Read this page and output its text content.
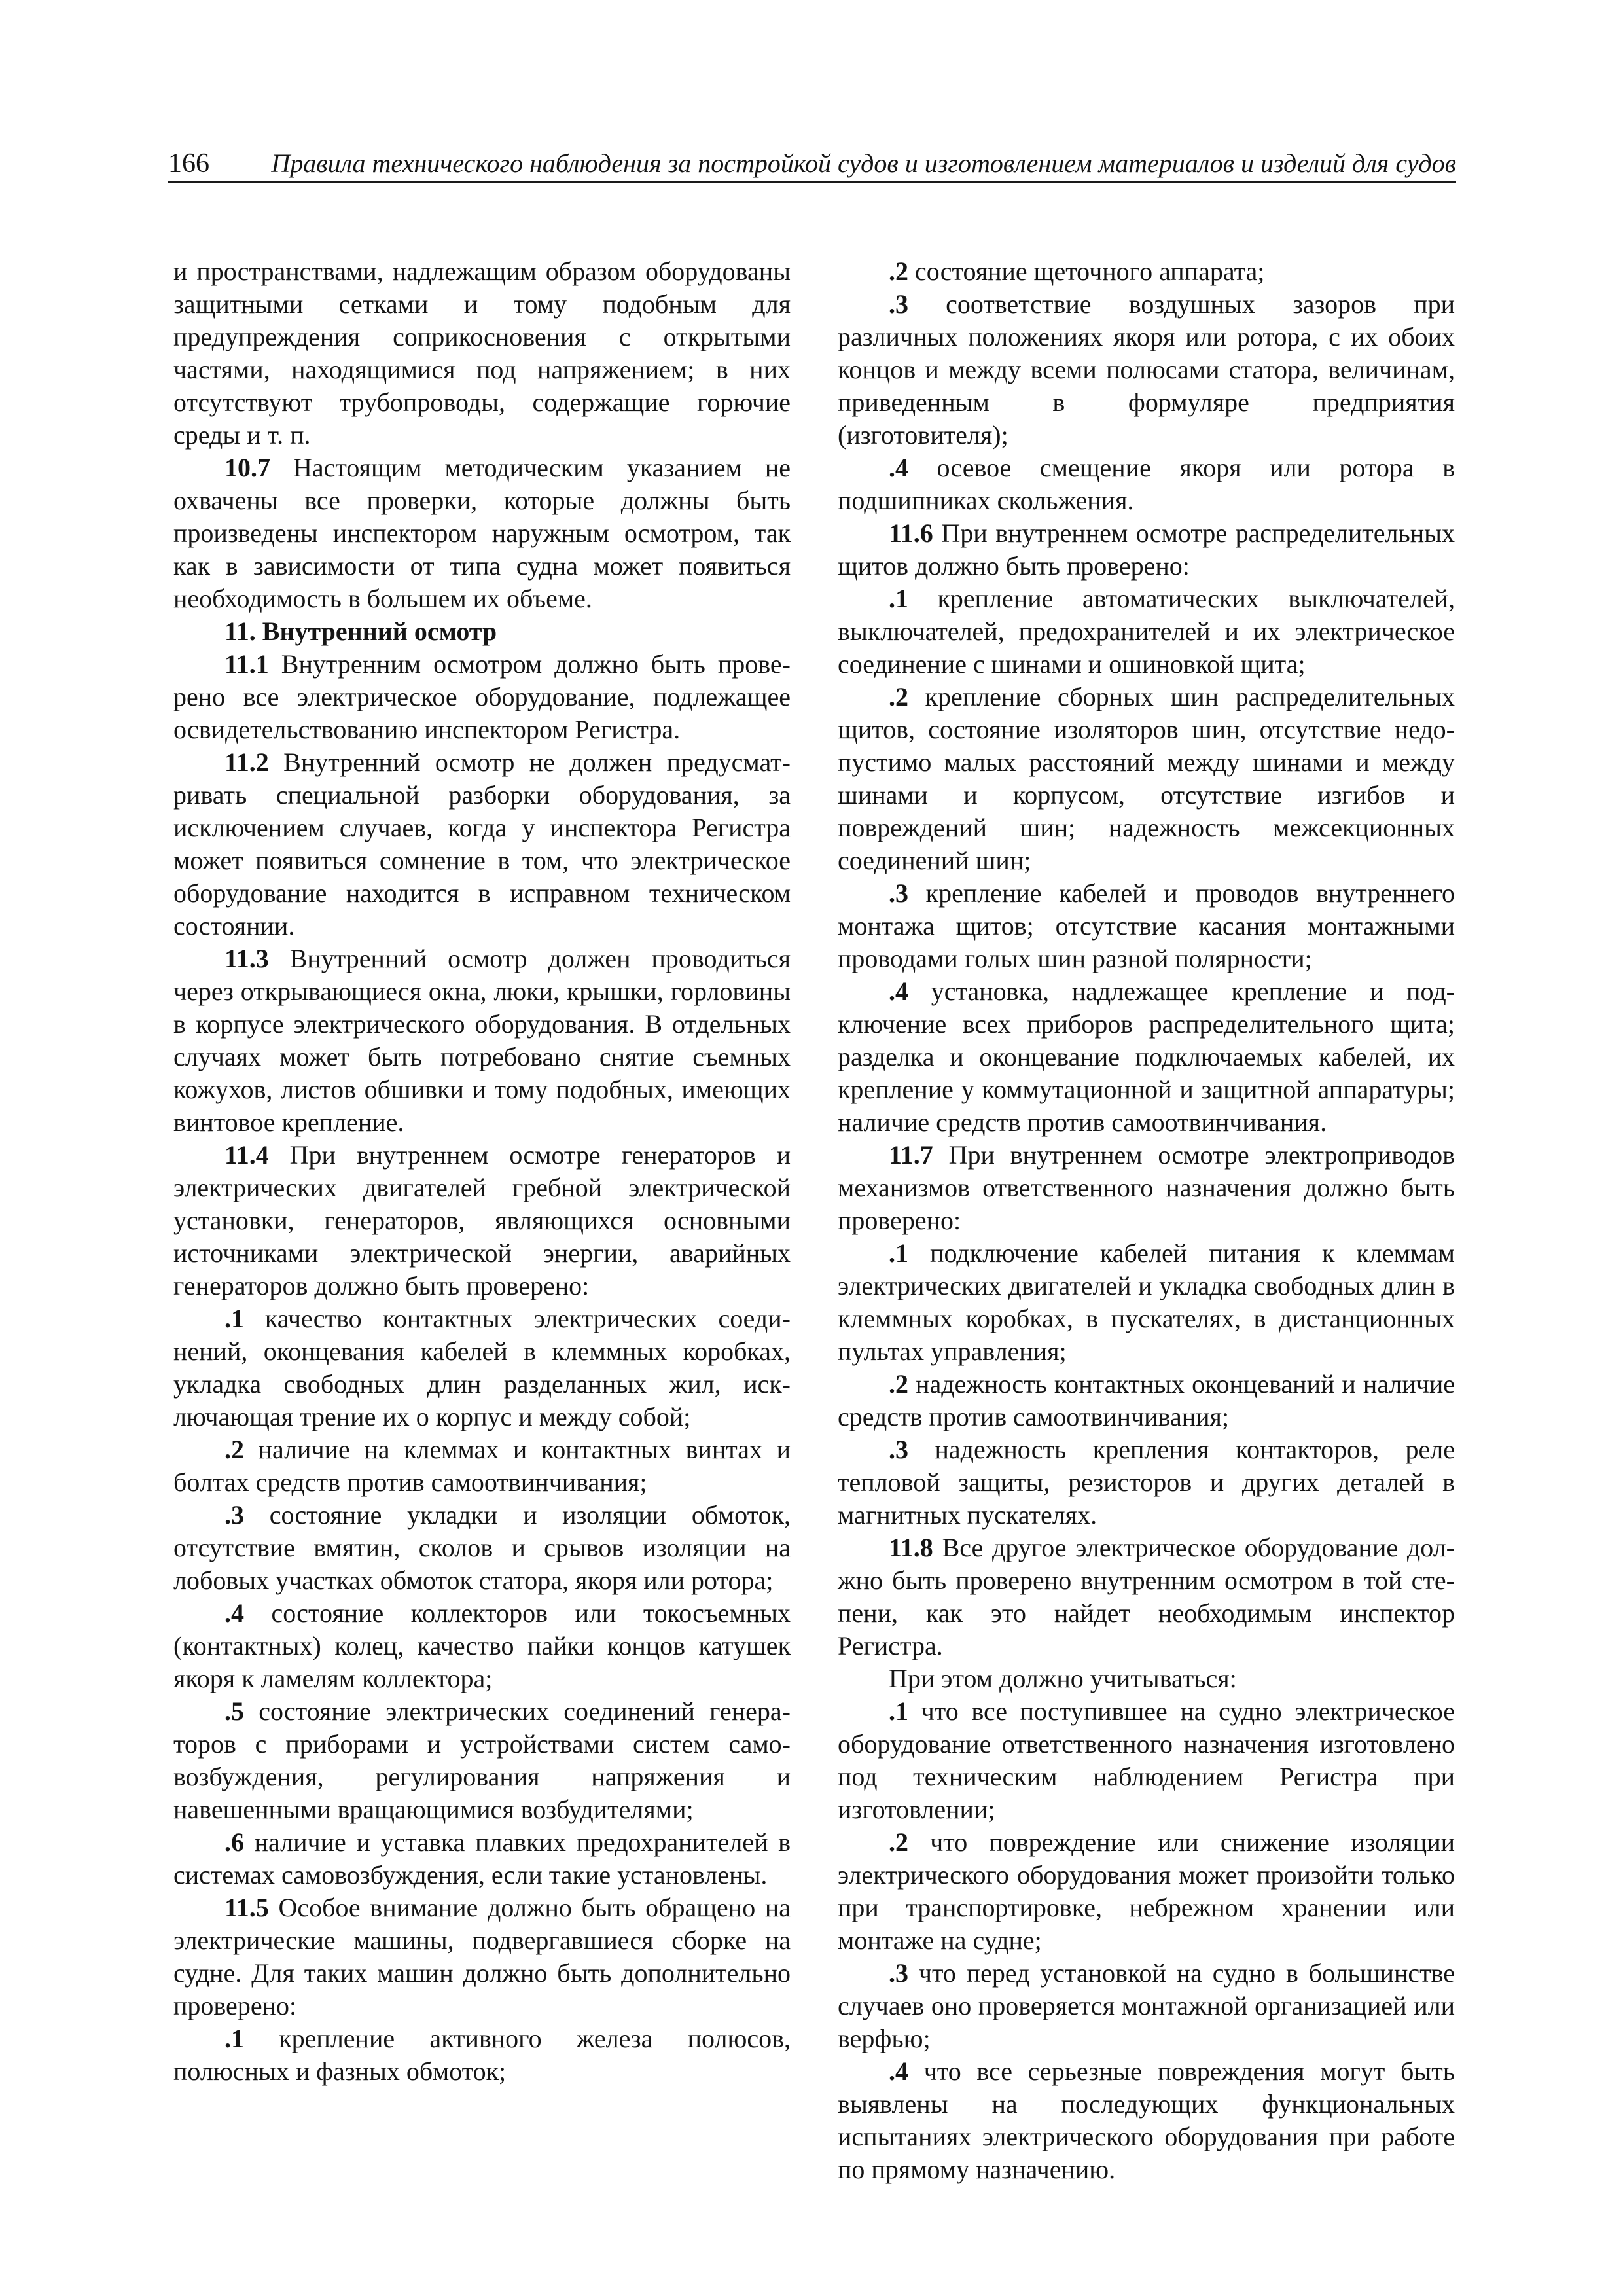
166 Правила технического наблюдения за постройкой судов и изготовлением материалов и изделий для судов

и пространствами, надлежащим образом оборудованы защитными сетками и тому подобным для предупреждения соприкосновения с открытыми частями, находящимися под напряжением; в них отсутствуют трубопроводы, содержащие горючие среды и т. п.

10.7 Настоящим методическим указанием не охвачены все проверки, которые должны быть произведены инспектором наружным осмотром, так как в зависимости от типа судна может появиться необходимость в большем их объеме.

11. Внутренний осмотр

11.1 Внутренним осмотром должно быть проверено все электрическое оборудование, подлежащее освидетельствованию инспектором Регистра.

11.2 Внутренний осмотр не должен предусматривать специальной разборки оборудования, за исключением случаев, когда у инспектора Регистра может появиться сомнение в том, что электрическое оборудование находится в исправном техническом состоянии.

11.3 Внутренний осмотр должен проводиться через открывающиеся окна, люки, крышки, горловины в корпусе электрического оборудования. В отдельных случаях может быть потребовано снятие съемных кожухов, листов обшивки и тому подобных, имеющих винтовое крепление.

11.4 При внутреннем осмотре генераторов и электрических двигателей гребной электрической установки, генераторов, являющихся основными источниками электрической энергии, аварийных генераторов должно быть проверено:

.1 качество контактных электрических соединений, оконцевания кабелей в клеммных коробках, укладка свободных длин разделанных жил, исключающая трение их о корпус и между собой;

.2 наличие на клеммах и контактных винтах и болтах средств против самоотвинчивания;

.3 состояние укладки и изоляции обмоток, отсутствие вмятин, сколов и срывов изоляции на лобовых участках обмоток статора, якоря или ротора;

.4 состояние коллекторов или токосъемных (контактных) колец, качество пайки концов катушек якоря к ламелям коллектора;

.5 состояние электрических соединений генераторов с приборами и устройствами систем самовозбуждения, регулирования напряжения и навешенными вращающимися возбудителями;

.6 наличие и уставка плавких предохранителей в системах самовозбуждения, если такие установлены.

11.5 Особое внимание должно быть обращено на электрические машины, подвергавшиеся сборке на судне. Для таких машин должно быть дополнительно проверено:

.1 крепление активного железа полюсов, полюсных и фазных обмоток;

.2 состояние щеточного аппарата;

.3 соответствие воздушных зазоров при различных положениях якоря или ротора, с их обоих концов и между всеми полюсами статора, величинам, приведенным в формуляре предприятия (изготовителя);

.4 осевое смещение якоря или ротора в подшипниках скольжения.

11.6 При внутреннем осмотре распределительных щитов должно быть проверено:

.1 крепление автоматических выключателей, выключателей, предохранителей и их электрическое соединение с шинами и ошиновкой щита;

.2 крепление сборных шин распределительных щитов, состояние изоляторов шин, отсутствие недопустимо малых расстояний между шинами и между шинами и корпусом, отсутствие изгибов и повреждений шин; надежность межсекционных соединений шин;

.3 крепление кабелей и проводов внутреннего монтажа щитов; отсутствие касания монтажными проводами голых шин разной полярности;

.4 установка, надлежащее крепление и подключение всех приборов распределительного щита; разделка и оконцевание подключаемых кабелей, их крепление у коммутационной и защитной аппаратуры; наличие средств против самоотвинчивания.

11.7 При внутреннем осмотре электроприводов механизмов ответственного назначения должно быть проверено:

.1 подключение кабелей питания к клеммам электрических двигателей и укладка свободных длин в клеммных коробках, в пускателях, в дистанционных пультах управления;

.2 надежность контактных оконцеваний и наличие средств против самоотвинчивания;

.3 надежность крепления контакторов, реле тепловой защиты, резисторов и других деталей в магнитных пускателях.

11.8 Все другое электрическое оборудование должно быть проверено внутренним осмотром в той степени, как это найдет необходимым инспектор Регистра.

При этом должно учитываться:

.1 что все поступившее на судно электрическое оборудование ответственного назначения изготовлено под техническим наблюдением Регистра при изготовлении;

.2 что повреждение или снижение изоляции электрического оборудования может произойти только при транспортировке, небрежном хранении или монтаже на судне;

.3 что перед установкой на судно в большинстве случаев оно проверяется монтажной организацией или верфью;

.4 что все серьезные повреждения могут быть выявлены на последующих функциональных испытаниях электрического оборудования при работе по прямому назначению.
